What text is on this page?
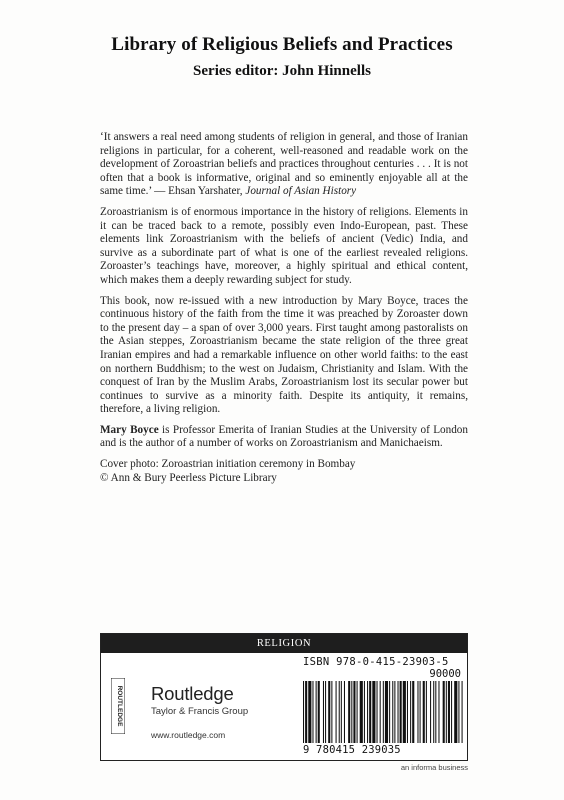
Library of Religious Beliefs and Practices
Series editor: John Hinnells

‘It answers a real need among students of religion in general, and those of Iranian religions in particular, for a coherent, well-reasoned and readable work on the development of Zoroastrian beliefs and practices throughout centuries . . . It is not often that a book is informative, original and so eminently enjoyable all at the same time.’ — Ehsan Yarshater, Journal of Asian History

Zoroastrianism is of enormous importance in the history of religions. Elements in it can be traced back to a remote, possibly even Indo-European, past. These elements link Zoroastrianism with the beliefs of ancient (Vedic) India, and survive as a subordinate part of what is one of the earliest revealed religions. Zoroaster’s teachings have, moreover, a highly spiritual and ethical content, which makes them a deeply rewarding subject for study.

This book, now re-issued with a new introduction by Mary Boyce, traces the continuous history of the faith from the time it was preached by Zoroaster down to the present day – a span of over 3,000 years. First taught among pastoralists on the Asian steppes, Zoroastrianism became the state religion of the three great Iranian empires and had a remarkable influence on other world faiths: to the east on northern Buddhism; to the west on Judaism, Christianity and Islam. With the conquest of Iran by the Muslim Arabs, Zoroastrianism lost its secular power but continues to survive as a minority faith. Despite its antiquity, it remains, therefore, a living religion.

Mary Boyce is Professor Emerita of Iranian Studies at the University of London and is the author of a number of works on Zoroastrianism and Manichaeism.

Cover photo: Zoroastrian initiation ceremony in Bombay
© Ann & Bury Peerless Picture Library

RELIGION
ROUTLEDGE Routledge
Taylor & Francis Group
www.routledge.com
ISBN 978-0-415-23903-5
90000
9 780415 239035
an informa business
